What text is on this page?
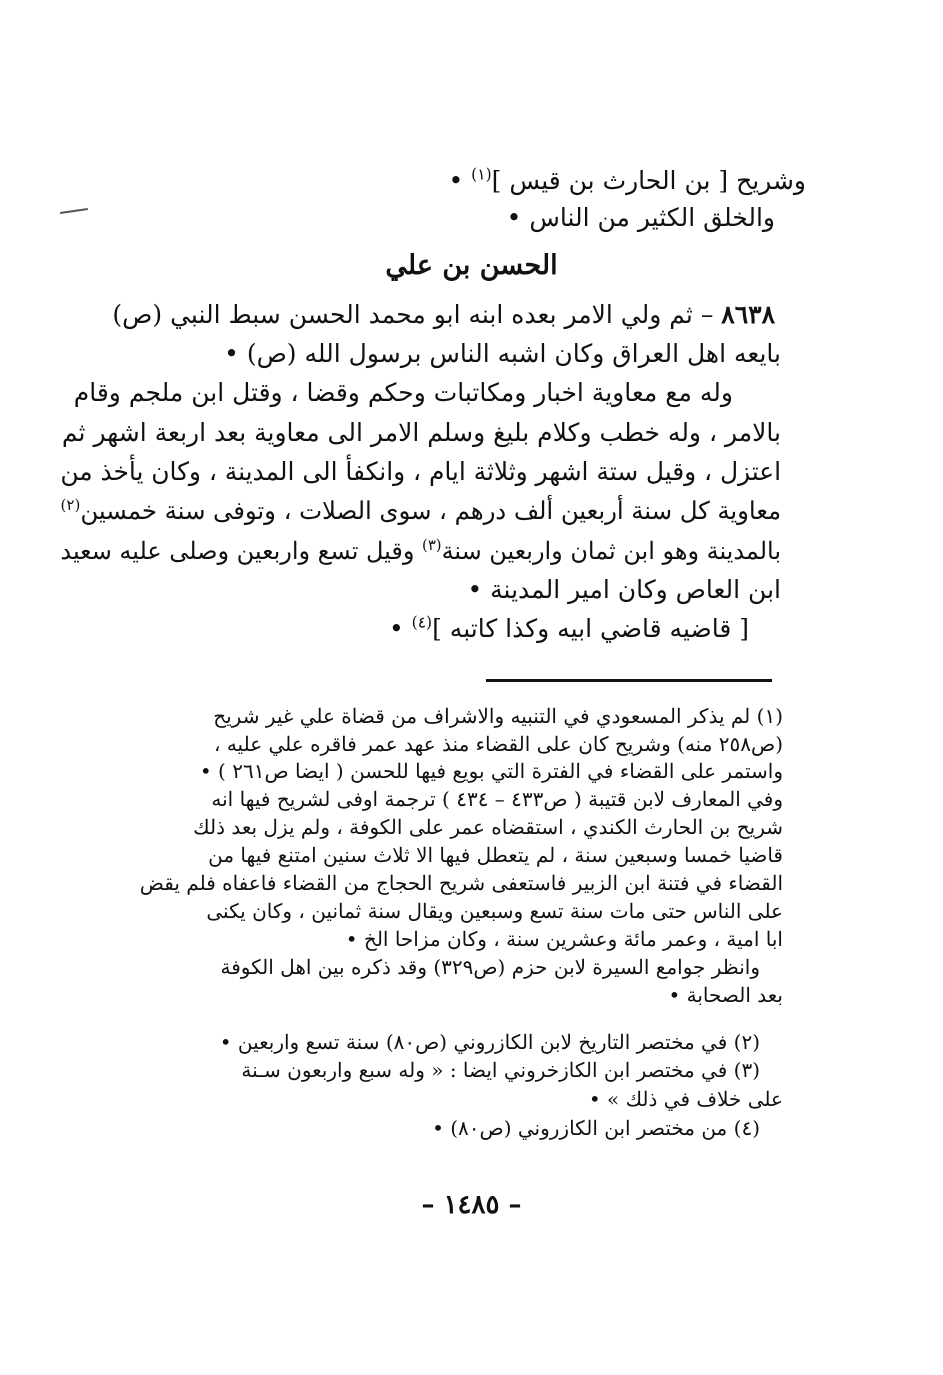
وشريح [ بن الحارث بن قيس ]$^{(١)}$ •
والخلق الكثير من الناس •
الحسن بن علي
٨٦٣٨ – ثم ولي الامر بعده ابنه ابو محمد الحسن سبط النبي (ص)
بايعه اهل العراق وكان اشبه الناس برسول الله (ص) •
وله مع معاوية اخبار ومكاتبات وحكم وقضا ، وقتل ابن ملجم وقام
بالامر ، وله خطب وكلام بليغ وسلم الامر الى معاوية بعد اربعة اشهر ثم
اعتزل ، وقيل ستة اشهر وثلاثة ايام ، وانكفأ الى المدينة ، وكان يأخذ من
معاوية كل سنة أربعين ألف درهم ، سوى الصلات ، وتوفى سنة خمسين$^{(٢)}$
بالمدينة وهو ابن ثمان واربعين سنة$^{(٣)}$ وقيل تسع واربعين وصلى عليه سعيد
ابن العاص وكان امير المدينة •
[ قاضيه قاضي ابيه وكذا كاتبه ]$^{(٤)}$ •
(١) لم يذكر المسعودي في التنبيه والاشراف من قضاة علي غير شريح
(ص٢٥٨ منه) وشريح كان على القضاء منذ عهد عمر فاقره علي عليه ،
واستمر على القضاء في الفترة التي بويع فيها للحسن ( ايضا ص٢٦١ ) •
وفي المعارف لابن قتيبة ( ص٤٣٣ – ٤٣٤ ) ترجمة اوفى لشريح فيها انه
شريح بن الحارث الكندي ، استقضاه عمر على الكوفة ، ولم يزل بعد ذلك
قاضيا خمسا وسبعين سنة ، لم يتعطل فيها الا ثلاث سنين امتنع فيها من
القضاء في فتنة ابن الزبير فاستعفى شريح الحجاج من القضاء فاعفاه فلم يقض
على الناس حتى مات سنة تسع وسبعين ويقال سنة ثمانين ، وكان يكنى
ابا امية ، وعمر مائة وعشرين سنة ، وكان مزاحا الخ •
وانظر جوامع السيرة لابن حزم (ص٣٢٩) وقد ذكره بين اهل الكوفة
بعد الصحابة •
(٢) في مختصر التاريخ لابن الكازروني (ص٨٠) سنة تسع واربعين •
(٣) في مختصر ابن الكازخروني ايضا : « وله سبع واربعون سـنة
على خلاف في ذلك » •
(٤) من مختصر ابن الكازروني (ص٨٠) •
– ١٤٨٥ –
